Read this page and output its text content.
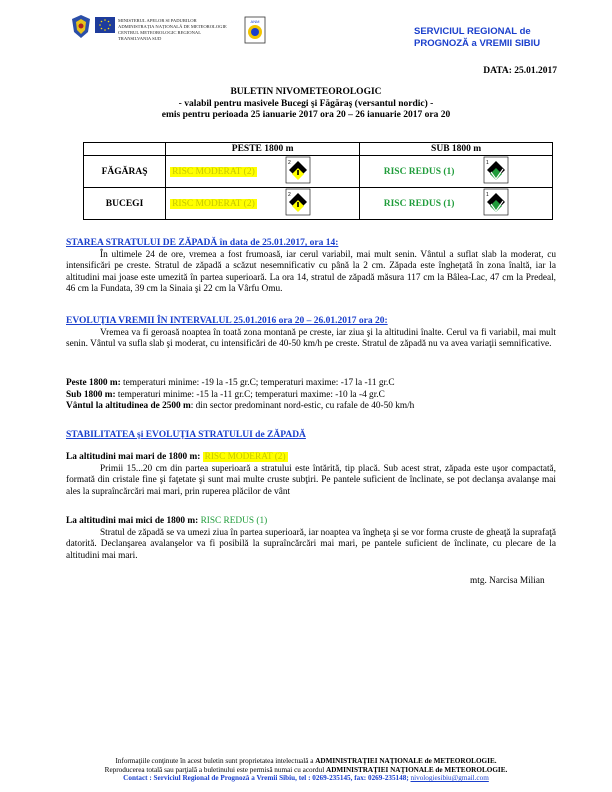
MINISTERUL APELOR SI PADURILOR
ADMINISTRAȚIA NAȚIONALĂ DE METEOROLOGIE
CENTRUL METEOROLOGIC REGIONAL TRANSILVANIA SUD
ANM
SERVICIUL REGIONAL de
PROGNOZĂ a VREMII SIBIU
DATA: 25.01.2017
BULETIN NIVOMETEOROLOGIC
- valabil pentru masivele Bucegi şi Făgăraş (versantul nordic) -
emis pentru perioada 25 ianuarie 2017 ora 20 – 26 ianuarie 2017 ora 20
	PESTE 1800 m		SUB 1800 m	
FĂGĂRAŞ	RISC MODERAT (2)	2	RISC REDUS (1)	1

BUCEGI	RISC MODERAT (2)	2	RISC REDUS (1)	1
STAREA STRATULUI DE ZĂPADĂ în data de 25.01.2017, ora 14:

În ultimele 24 de ore, vremea a fost frumoasă, iar cerul variabil, mai mult senin. Vântul a suflat slab la moderat, cu intensificări pe creste. Stratul de zăpadă a scăzut nesemnificativ cu până la 2 cm. Zăpada este îngheţată în zona înaltă, iar la altitudini mai joase este umezită în partea superioară. La ora 14, stratul de zăpadă măsura 117 cm la Bâlea-Lac, 47 cm la Predeal, 46 cm la Fundata, 39 cm la Sinaia şi 22 cm la Vârfu Omu.

EVOLUŢIA VREMII ÎN INTERVALUL 25.01.2016 ora 20 – 26.01.2017 ora 20:

Vremea va fi geroasă noaptea în toată zona montană pe creste, iar ziua şi la altitudini înalte. Cerul va fi variabil, mai mult senin. Vântul va sufla slab şi moderat, cu intensificări de 40-50 km/h pe creste. Stratul de zăpadă nu va avea variaţii semnificative.

Peste 1800 m: temperaturi minime: -19 la -15 gr.C; temperaturi maxime: -17 la -11 gr.C
Sub 1800 m: temperaturi minime: -15 la -11 gr.C; temperaturi maxime: -10 la -4 gr.C
Vântul la altitudinea de 2500 m: din sector predominant nord-estic, cu rafale de 40-50 km/h
STABILITATEA şi EVOLUŢIA STRATULUI de ZĂPADĂ
La altitudini mai mari de 1800 m: RISC MODERAT (2)

Primii 15...20 cm din partea superioară a stratului este întărită, tip placă. Sub acest strat, zăpada este uşor compactată, formată din cristale fine şi faţetate şi sunt mai multe cruste subţiri. Pe pantele suficient de înclinate, se pot declanşa avalanşe mai ales la supraîncărcări mai mari, prin ruperea plăcilor de vânt

La altitudini mai mici de 1800 m: RISC REDUS (1)

Stratul de zăpadă se va umezi ziua în partea superioară, iar noaptea va îngheţa şi se vor forma cruste de gheaţă la suprafaţă datorită. Declanşarea avalanşelor va fi posibilă la supraîncărcări mai mari, pe pantele suficient de înclinate, cu plecare de la altitudini mai mari.

mtg. Narcisa Milian
Informaţiile conţinute în acest buletin sunt proprietatea intelectuală a ADMINISTRAŢIEI NAŢIONALE de METEOROLOGIE.
Reproducerea totală sau parţială a buletinului este permisă numai cu acordul ADMINISTRAŢIEI NAŢIONALE de METEOROLOGIE.
Contact : Serviciul Regional de Prognoză a Vremii Sibiu, tel : 0269-235145, fax: 0269-235148; nivologiesibiu@gmail.com
